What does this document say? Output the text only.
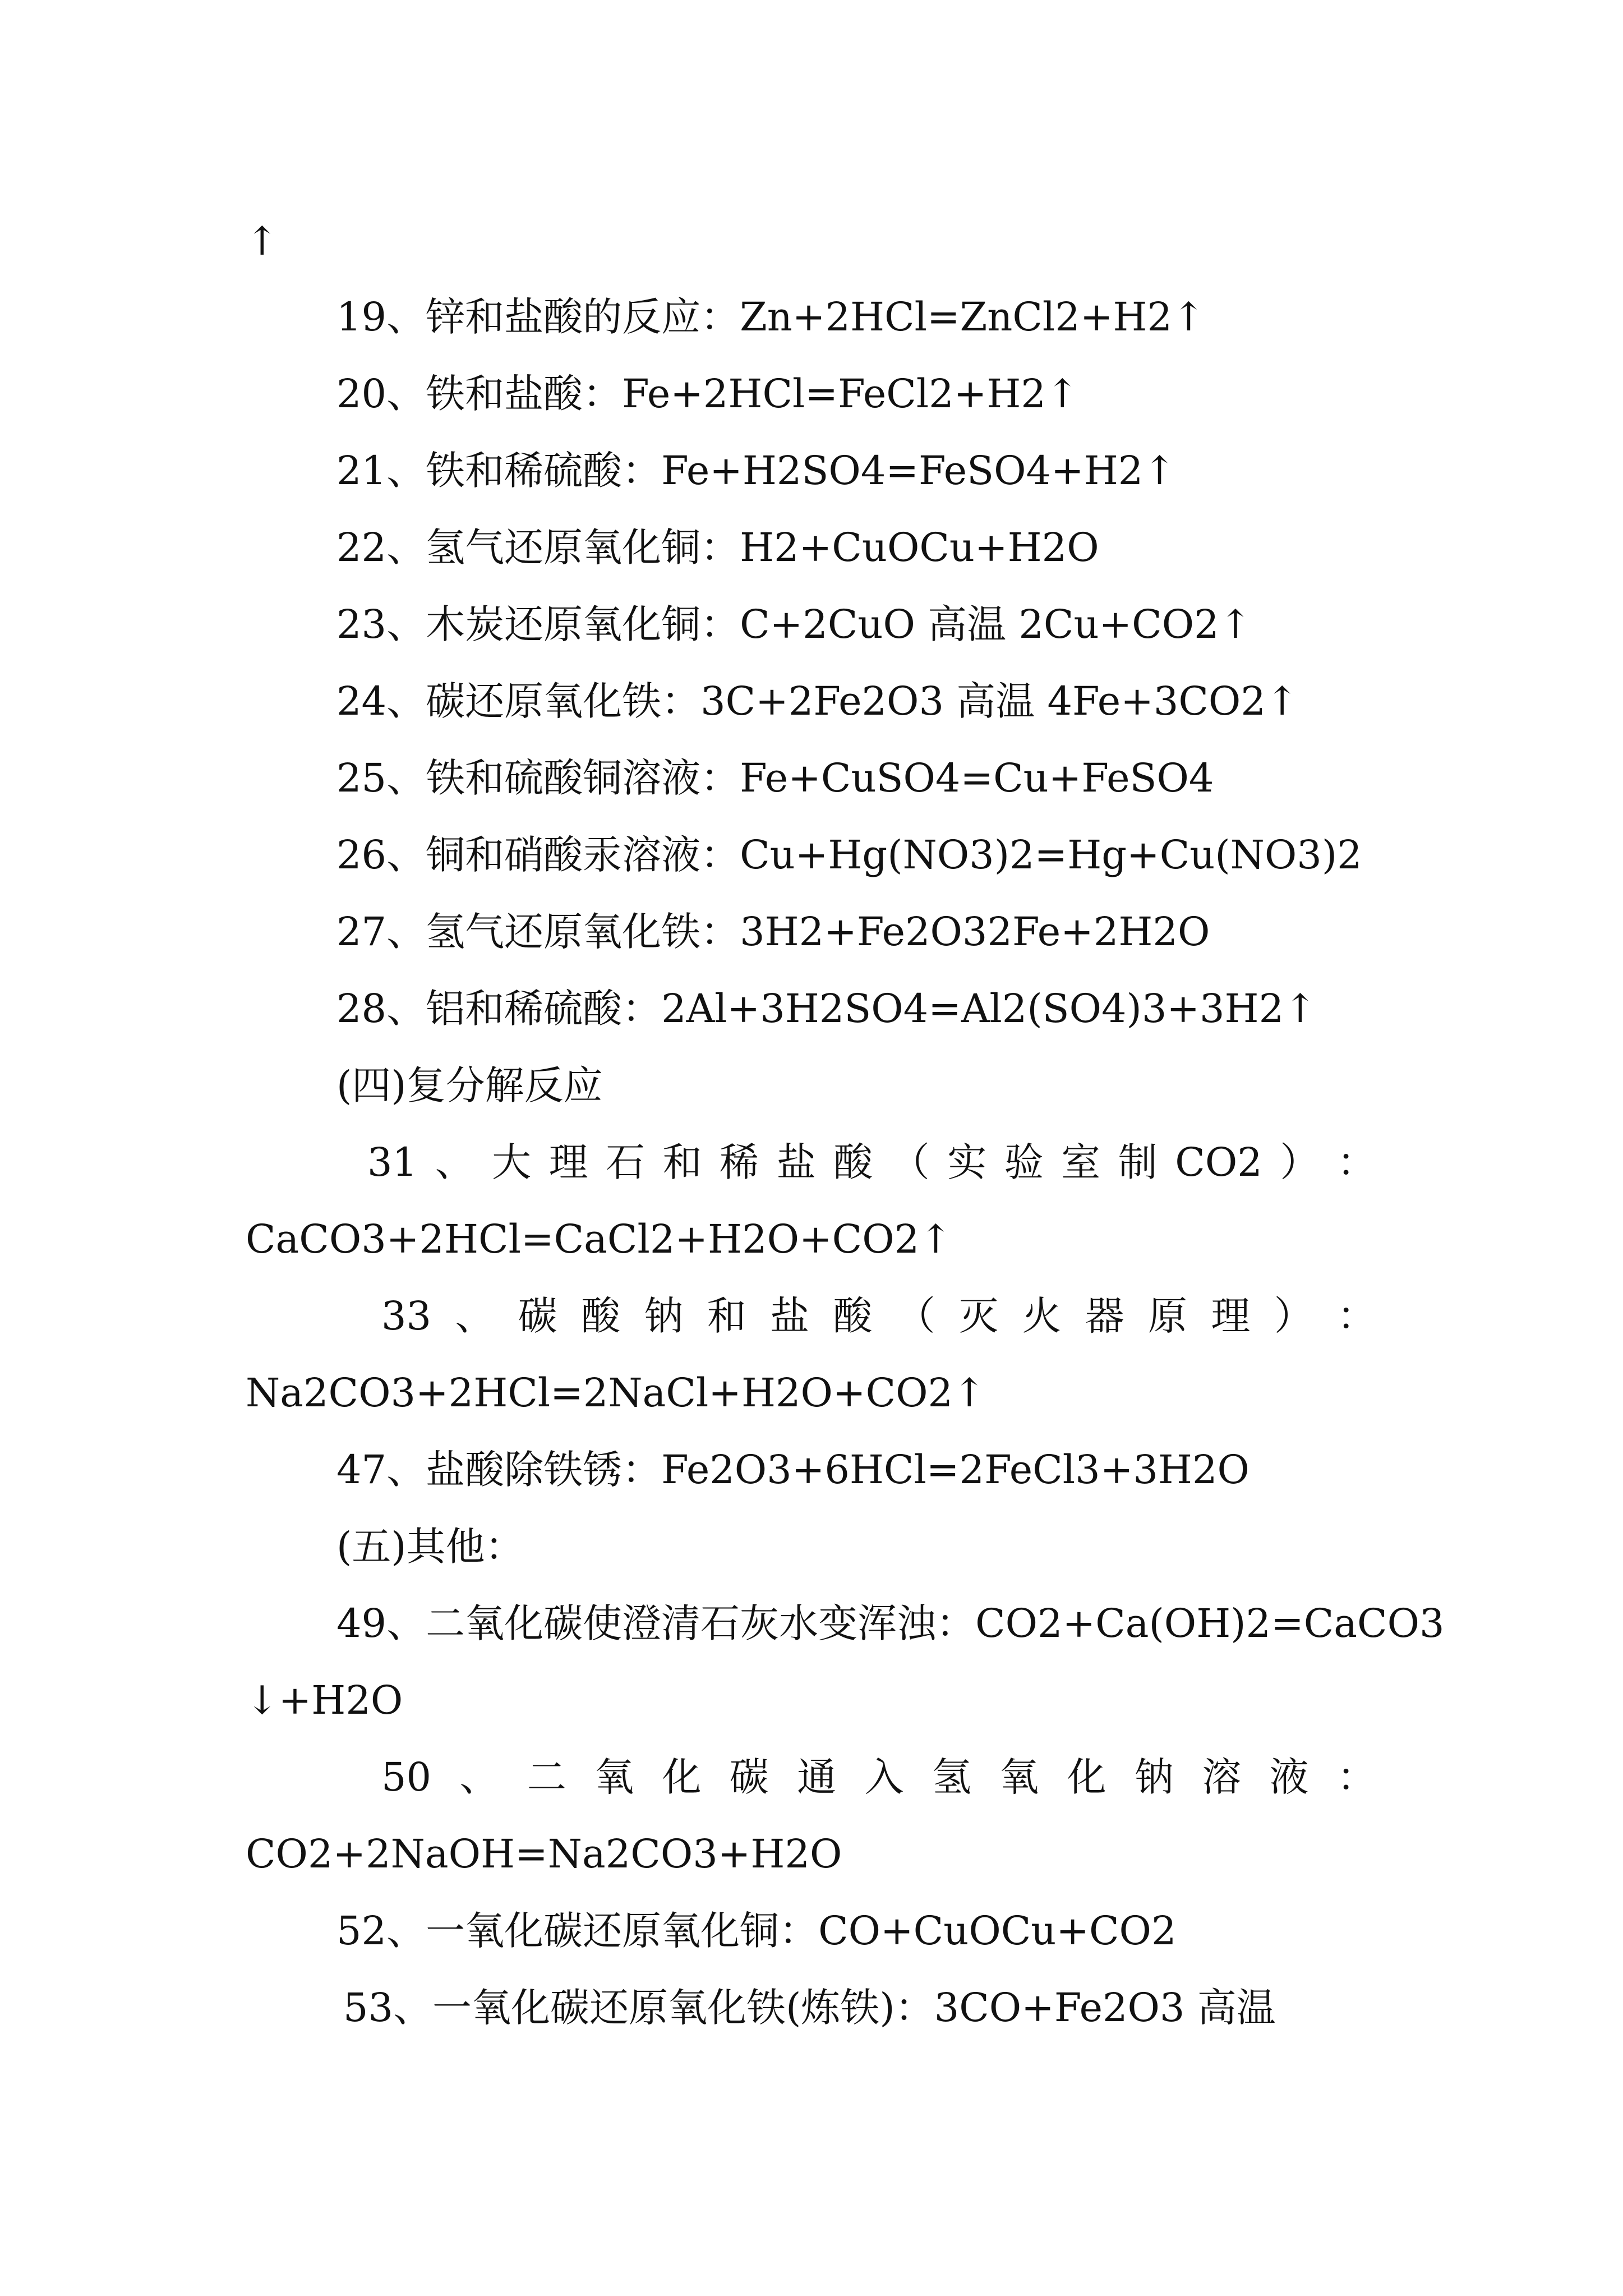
↑
19、锌和盐酸的反应：Zn+2HCl=ZnCl2+H2↑
20、铁和盐酸：Fe+2HCl=FeCl2+H2↑
21、铁和稀硫酸：Fe+H2SO4=FeSO4+H2↑
22、氢气还原氧化铜：H2+CuOCu+H2O
23、木炭还原氧化铜：C+2CuO 高温 2Cu+CO2↑
24、碳还原氧化铁：3C+2Fe2O3 高温 4Fe+3CO2↑
25、铁和硫酸铜溶液：Fe+CuSO4=Cu+FeSO4
26、铜和硝酸汞溶液：Cu+Hg(NO3)2=Hg+Cu(NO3)2
27、氢气还原氧化铁：3H2+Fe2O32Fe+2H2O
28、铝和稀硫酸：2Al+3H2SO4=Al2(SO4)3+3H2↑
(四)复分解反应
31 、 大 理 石 和 稀 盐 酸 （ 实 验 室 制 CO2 ） ：
CaCO3+2HCl=CaCl2+H2O+CO2↑
33 、 碳 酸 钠 和 盐 酸 （ 灭 火 器 原 理 ） ：
Na2CO3+2HCl=2NaCl+H2O+CO2↑
47、盐酸除铁锈：Fe2O3+6HCl=2FeCl3+3H2O
(五)其他：
49、二氧化碳使澄清石灰水变浑浊：CO2+Ca(OH)2=CaCO3
↓+H2O
50 、 二 氧 化 碳 通 入 氢 氧 化 钠 溶 液 ：
CO2+2NaOH=Na2CO3+H2O
52、一氧化碳还原氧化铜：CO+CuOCu+CO2
53、一氧化碳还原氧化铁(炼铁)：3CO+Fe2O3 高温
